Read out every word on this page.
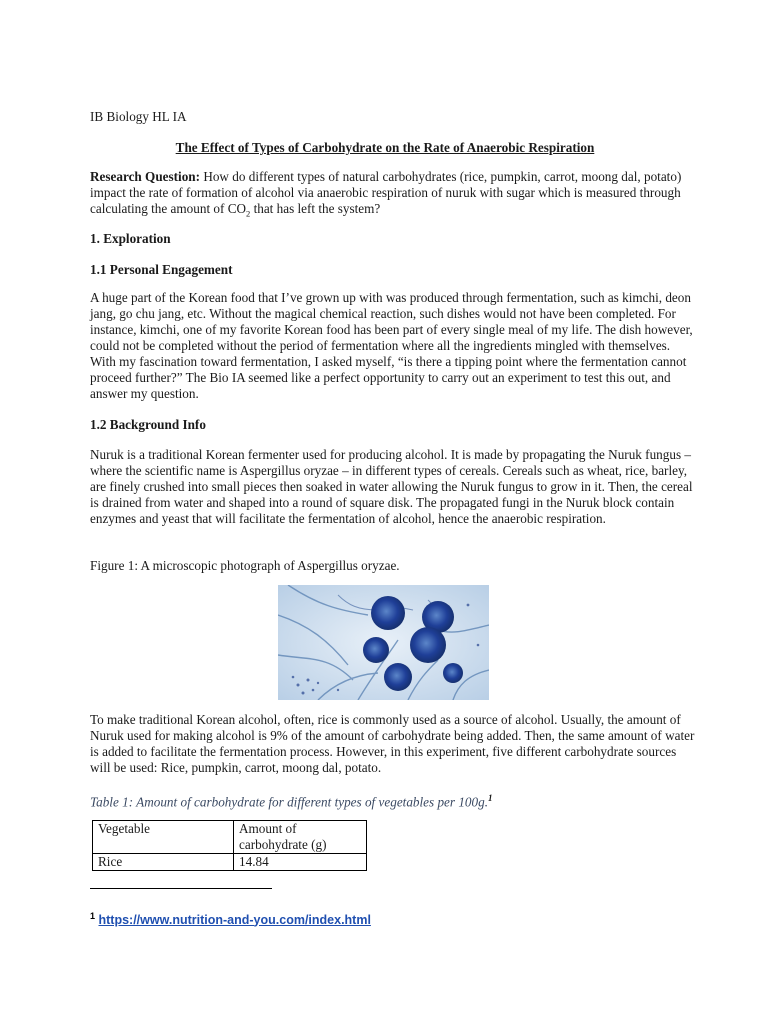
IB Biology HL IA

The Effect of Types of Carbohydrate on the Rate of Anaerobic Respiration

Research Question: How do different types of natural carbohydrates (rice, pumpkin, carrot, moong dal, potato) impact the rate of formation of alcohol via anaerobic respiration of nuruk with sugar which is measured through calculating the amount of $CO_2$ that has left the system?

1. Exploration

1.1 Personal Engagement

A huge part of the Korean food that I’ve grown up with was produced through fermentation, such as kimchi, deon jang, go chu jang, etc. Without the magical chemical reaction, such dishes would not have been completed. For instance, kimchi, one of my favorite Korean food has been part of every single meal of my life. The dish however, could not be completed without the period of fermentation where all the ingredients mingled with themselves. With my fascination toward fermentation, I asked myself, “is there a tipping point where the fermentation cannot proceed further?” The Bio IA seemed like a perfect opportunity to carry out an experiment to test this out, and answer my question.

1.2 Background Info

Nuruk is a traditional Korean fermenter used for producing alcohol. It is made by propagating the Nuruk fungus – where the scientific name is Aspergillus oryzae – in different types of cereals. Cereals such as wheat, rice, barley, are finely crushed into small pieces then soaked in water allowing the Nuruk fungus to grow in it. Then, the cereal is drained from water and shaped into a round of square disk. The propagated fungi in the Nuruk block contain enzymes and yeast that will facilitate the fermentation of alcohol, hence the anaerobic respiration.

Figure 1: A microscopic photograph of Aspergillus oryzae.

To make traditional Korean alcohol, often, rice is commonly used as a source of alcohol. Usually, the amount of Nuruk used for making alcohol is 9% of the amount of carbohydrate being added. Then, the same amount of water is added to facilitate the fermentation process. However, in this experiment, five different carbohydrate sources will be used: Rice, pumpkin, carrot, moong dal, potato.

Table 1: Amount of carbohydrate for different types of vegetables per 100g.$^1$

Vegetable	Amount of carbohydrate (g)
Rice	14.84

$^1$ https://www.nutrition-and-you.com/index.html
